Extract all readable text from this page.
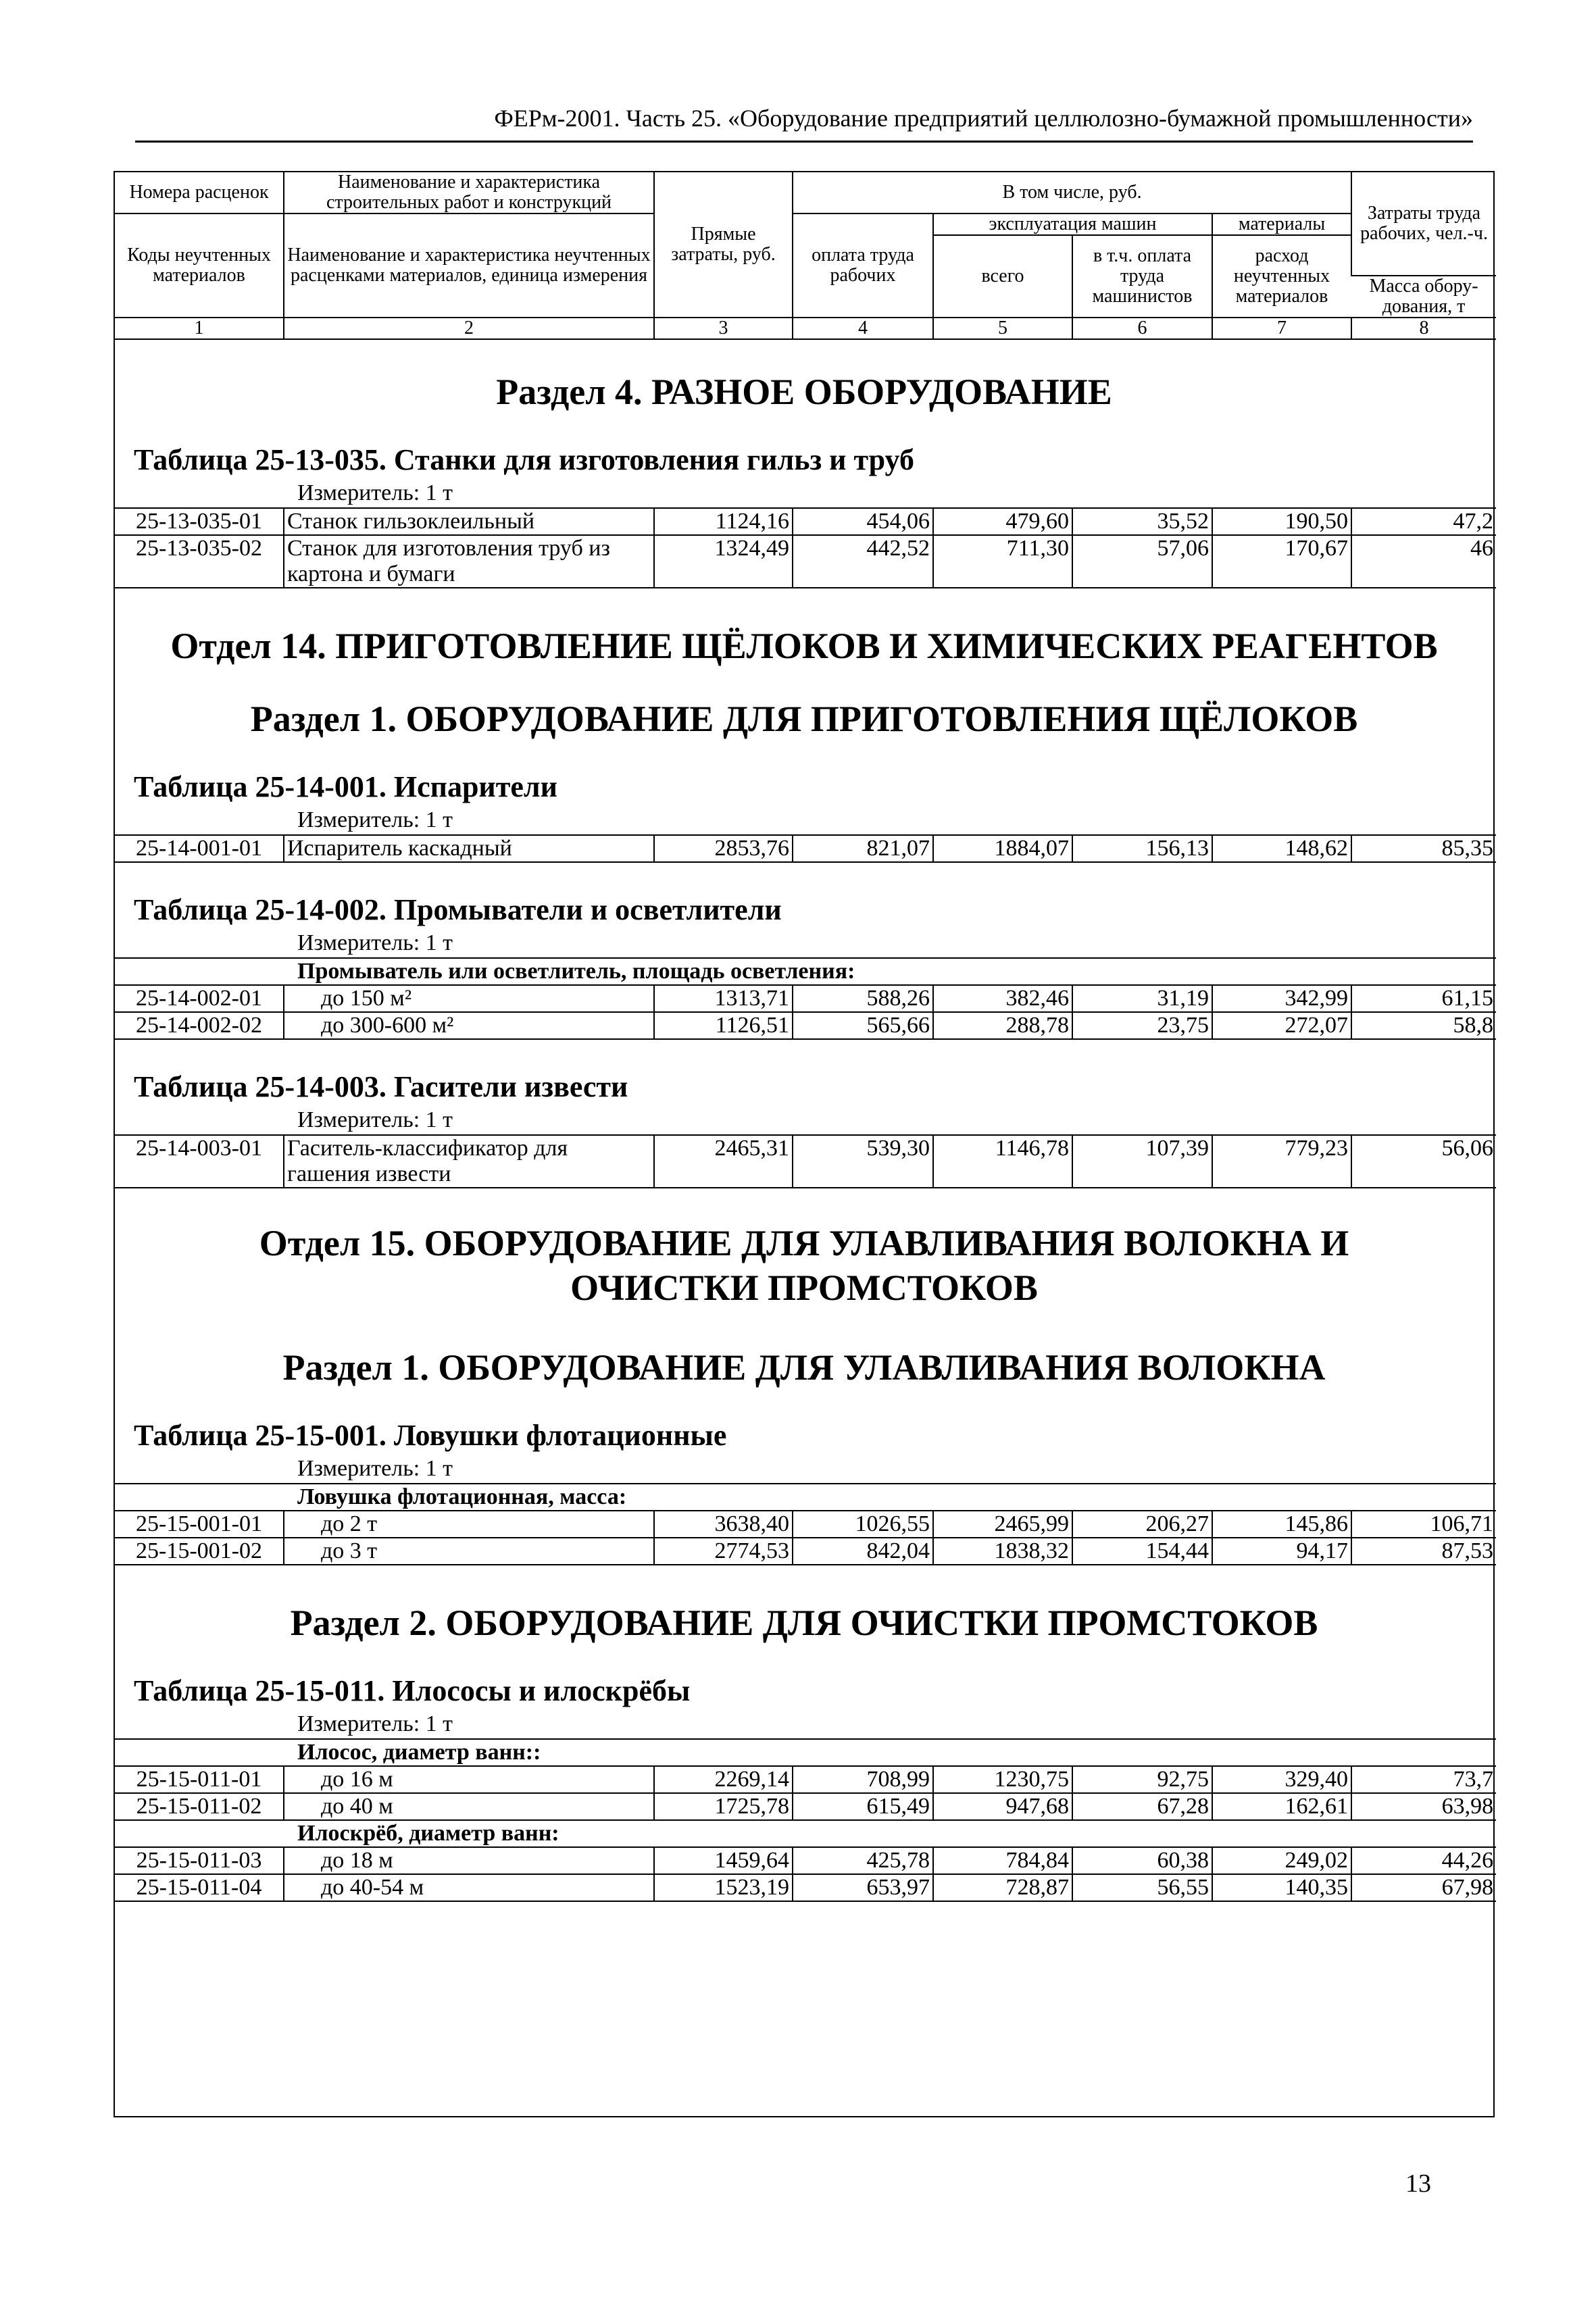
ФЕРм-2001. Часть 25. «Оборудование предприятий целлюлозно-бумажной промышленности»
Номера расценок	Наименование и характеристика строительных работ и конструкций	Прямые затраты, руб.	В том числе, руб.				Затраты труда рабочих, чел.-ч.
Коды неучтенных материалов	Наименование и характеристика неучтенных расценками материалов, единица измерения		оплата труда рабочих	эксплуатация машин		материалы	
				всего	в т.ч. оплата труда машинистов	расход неучтенных материалов	
							Масса обору-дования, т
1	2	3	4	5	6	7	8
Раздел 4. РАЗНОЕ ОБОРУДОВАНИЕ
Таблица 25-13-035. Станки для изготовления гильз и труб
Измеритель: 1 т
25-13-035-01	Станок гильзоклеильный	1124,16	454,06	479,60	35,52	190,50	47,2
25-13-035-02	Станок для изготовления труб из картона и бумаги	1324,49	442,52	711,30	57,06	170,67	46
Отдел 14. ПРИГОТОВЛЕНИЕ ЩЁЛОКОВ И ХИМИЧЕСКИХ РЕАГЕНТОВ
Раздел 1. ОБОРУДОВАНИЕ ДЛЯ ПРИГОТОВЛЕНИЯ ЩЁЛОКОВ
Таблица 25-14-001. Испарители
Измеритель: 1 т
25-14-001-01	Испаритель каскадный	2853,76	821,07	1884,07	156,13	148,62	85,35
Таблица 25-14-002. Промыватели и осветлители
Измеритель: 1 т
Промыватель или осветлитель, площадь осветления:							
25-14-002-01	до 150 м²	1313,71	588,26	382,46	31,19	342,99	61,15
25-14-002-02	до 300-600 м²	1126,51	565,66	288,78	23,75	272,07	58,8
Таблица 25-14-003. Гасители извести
Измеритель: 1 т
25-14-003-01	Гаситель-классификатор для гашения извести	2465,31	539,30	1146,78	107,39	779,23	56,06
Отдел 15. ОБОРУДОВАНИЕ ДЛЯ УЛАВЛИВАНИЯ ВОЛОКНА И
ОЧИСТКИ ПРОМСТОКОВ
Раздел 1. ОБОРУДОВАНИЕ ДЛЯ УЛАВЛИВАНИЯ ВОЛОКНА
Таблица 25-15-001. Ловушки флотационные
Измеритель: 1 т
Ловушка флотационная, масса:							
25-15-001-01	до 2 т	3638,40	1026,55	2465,99	206,27	145,86	106,71
25-15-001-02	до 3 т	2774,53	842,04	1838,32	154,44	94,17	87,53
Раздел 2. ОБОРУДОВАНИЕ ДЛЯ ОЧИСТКИ ПРОМСТОКОВ
Таблица 25-15-011. Илососы и илоскрёбы
Измеритель: 1 т
Илосос, диаметр ванн::							
25-15-011-01	до 16 м	2269,14	708,99	1230,75	92,75	329,40	73,7
25-15-011-02	до 40 м	1725,78	615,49	947,68	67,28	162,61	63,98
Илоскрёб, диаметр ванн:							
25-15-011-03	до 18 м	1459,64	425,78	784,84	60,38	249,02	44,26
25-15-011-04	до 40-54 м	1523,19	653,97	728,87	56,55	140,35	67,98
13
